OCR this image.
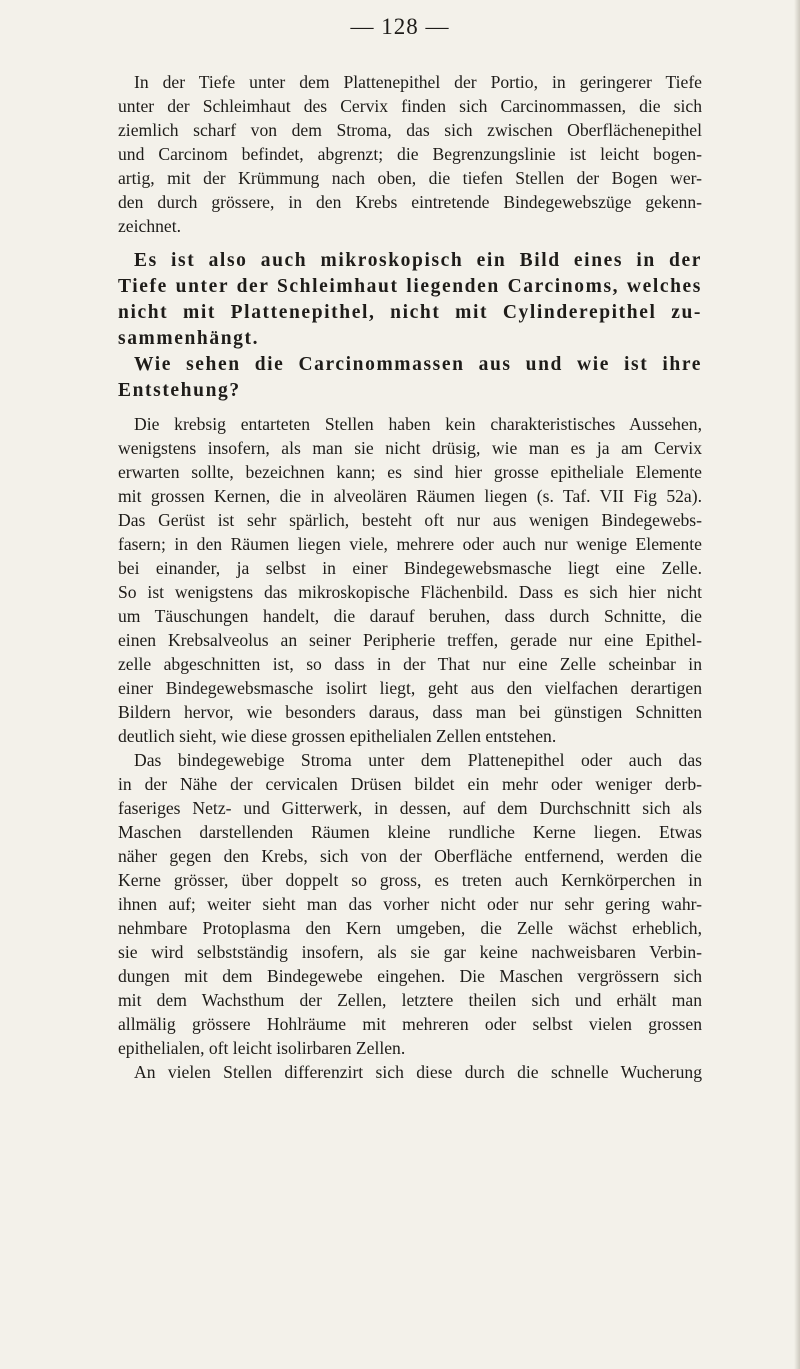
— 128 —

In der Tiefe unter dem Plattenepithel der Portio, in geringerer Tiefe
unter der Schleimhaut des Cervix finden sich Carcinommassen, die sich
ziemlich scharf von dem Stroma, das sich zwischen Oberflächenepithel
und Carcinom befindet, abgrenzt; die Begrenzungslinie ist leicht bogen-
artig, mit der Krümmung nach oben, die tiefen Stellen der Bogen wer-
den durch grössere, in den Krebs eintretende Bindegewebszüge gekenn-
zeichnet.

Es ist also auch mikroskopisch ein Bild eines in der
Tiefe unter der Schleimhaut liegenden Carcinoms, welches
nicht mit Plattenepithel, nicht mit Cylinderepithel zu-
sammenhängt.

Wie sehen die Carcinommassen aus und wie ist ihre
Entstehung?

Die krebsig entarteten Stellen haben kein charakteristisches Aussehen,
wenigstens insofern, als man sie nicht drüsig, wie man es ja am Cervix
erwarten sollte, bezeichnen kann; es sind hier grosse epitheliale Elemente
mit grossen Kernen, die in alveolären Räumen liegen (s. Taf. VII Fig 52a).
Das Gerüst ist sehr spärlich, besteht oft nur aus wenigen Bindegewebs-
fasern; in den Räumen liegen viele, mehrere oder auch nur wenige Elemente
bei einander, ja selbst in einer Bindegewebsmasche liegt eine Zelle.
So ist wenigstens das mikroskopische Flächenbild. Dass es sich hier nicht
um Täuschungen handelt, die darauf beruhen, dass durch Schnitte, die
einen Krebsalveolus an seiner Peripherie treffen, gerade nur eine Epithel-
zelle abgeschnitten ist, so dass in der That nur eine Zelle scheinbar in
einer Bindegewebsmasche isolirt liegt, geht aus den vielfachen derartigen
Bildern hervor, wie besonders daraus, dass man bei günstigen Schnitten
deutlich sieht, wie diese grossen epithelialen Zellen entstehen.

Das bindegewebige Stroma unter dem Plattenepithel oder auch das
in der Nähe der cervicalen Drüsen bildet ein mehr oder weniger derb-
faseriges Netz- und Gitterwerk, in dessen, auf dem Durchschnitt sich als
Maschen darstellenden Räumen kleine rundliche Kerne liegen. Etwas
näher gegen den Krebs, sich von der Oberfläche entfernend, werden die
Kerne grösser, über doppelt so gross, es treten auch Kernkörperchen in
ihnen auf; weiter sieht man das vorher nicht oder nur sehr gering wahr-
nehmbare Protoplasma den Kern umgeben, die Zelle wächst erheblich,
sie wird selbstständig insofern, als sie gar keine nachweisbaren Verbin-
dungen mit dem Bindegewebe eingehen. Die Maschen vergrössern sich
mit dem Wachsthum der Zellen, letztere theilen sich und erhält man
allmälig grössere Hohlräume mit mehreren oder selbst vielen grossen
epithelialen, oft leicht isolirbaren Zellen.

An vielen Stellen differenzirt sich diese durch die schnelle Wucherung
